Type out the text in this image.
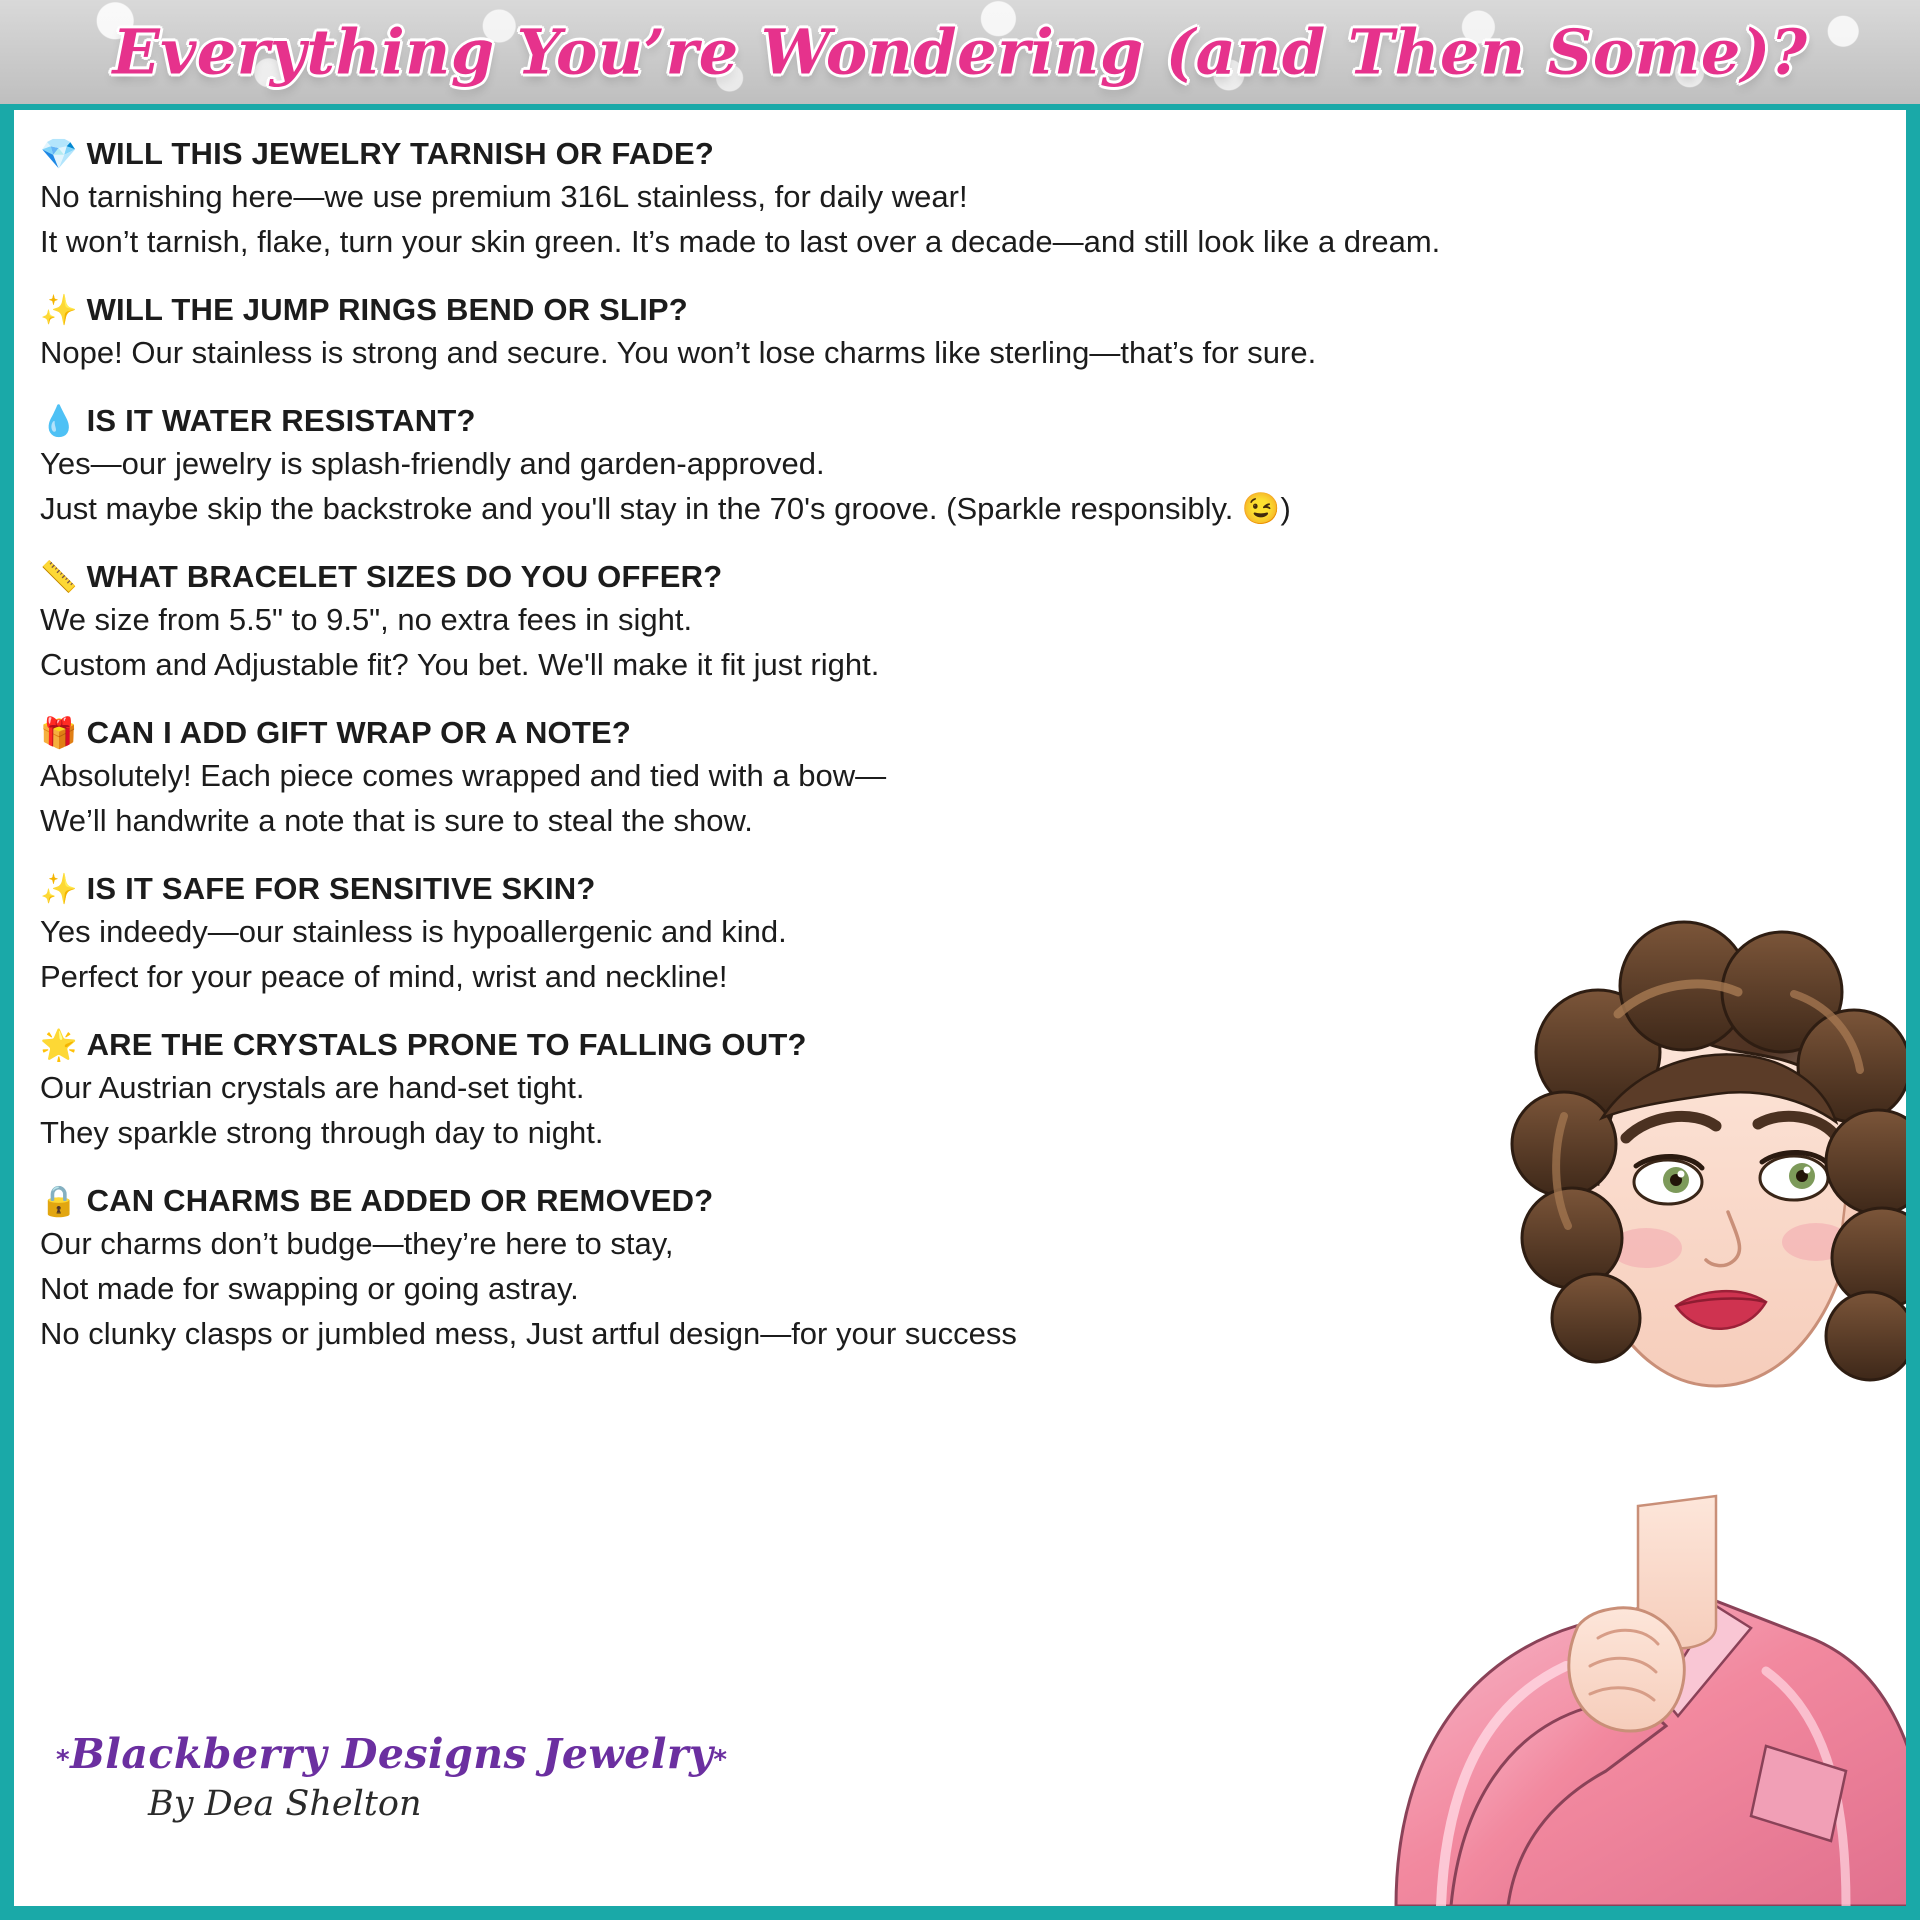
Everything You’re Wondering (and Then Some)?
💎 WILL THIS JEWELRY TARNISH OR FADE?
No tarnishing here—we use premium 316L stainless, for daily wear!
It won’t tarnish, flake, turn your skin green. It’s made to last over a decade—and still look like a dream.
✨ WILL THE JUMP RINGS BEND OR SLIP?
Nope! Our stainless is strong and secure. You won’t lose charms like sterling—that’s for sure.
💧 IS IT WATER RESISTANT?
Yes—our jewelry is splash-friendly and garden-approved.
Just maybe skip the backstroke and you'll stay in the 70's groove. (Sparkle responsibly. 😉)
📏 WHAT BRACELET SIZES DO YOU OFFER?
We size from 5.5" to 9.5", no extra fees in sight.
Custom and Adjustable fit? You bet. We'll make it fit just right.
🎁 CAN I ADD GIFT WRAP OR A NOTE?
Absolutely! Each piece comes wrapped and tied with a bow—
We’ll handwrite a note that is sure to steal the show.
✨ IS IT SAFE FOR SENSITIVE SKIN?
Yes indeedy—our stainless is hypoallergenic and kind.
Perfect for your peace of mind, wrist and neckline!
🌟 ARE THE CRYSTALS PRONE TO FALLING OUT?
Our Austrian crystals are hand-set tight.
They sparkle strong through day to night.
🔒 CAN CHARMS BE ADDED OR REMOVED?
Our charms don’t budge—they’re here to stay,
Not made for swapping or going astray.
No clunky clasps or jumbled mess, Just artful design—for your success
*Blackberry Designs Jewelry*
By Dea Shelton
